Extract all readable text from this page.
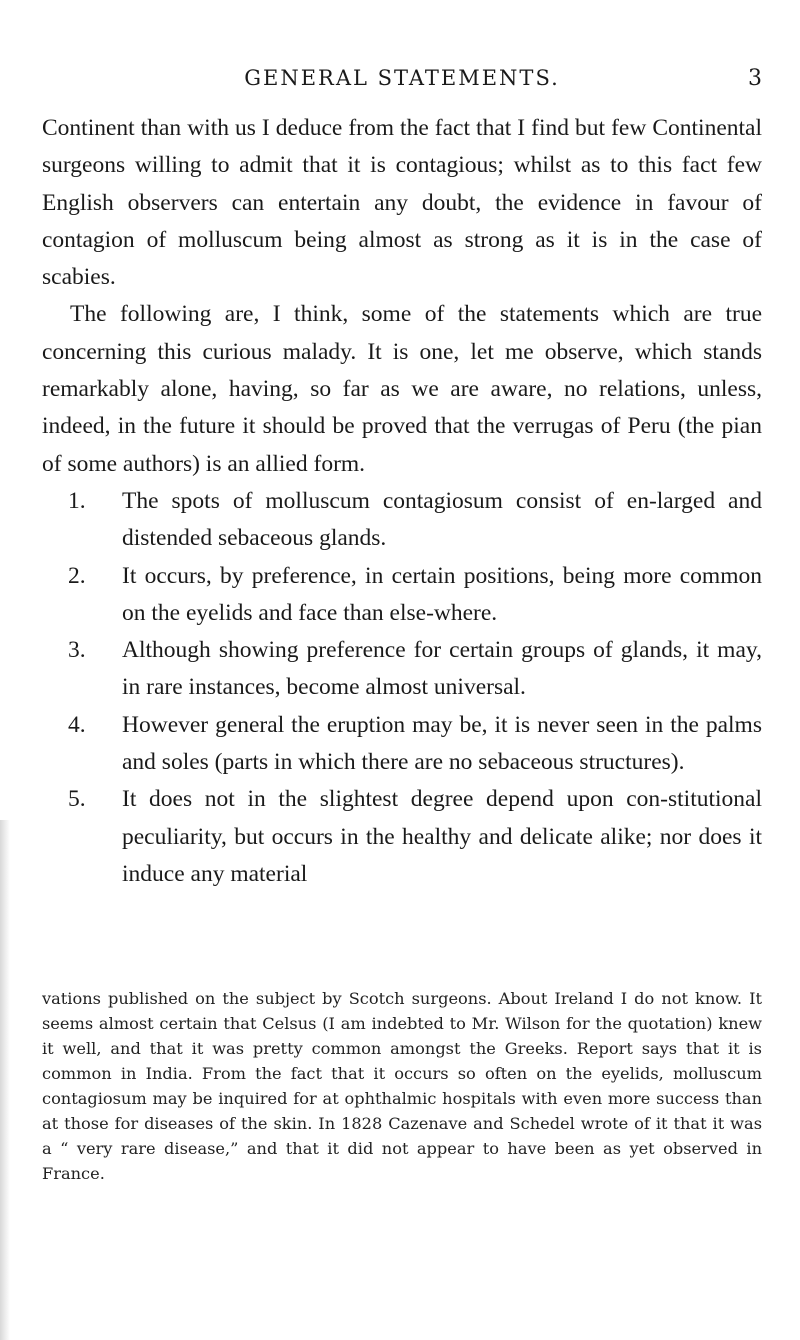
GENERAL STATEMENTS.	3

Continent than with us I deduce from the fact that I find but few Continental surgeons willing to admit that it is contagious; whilst as to this fact few English observers can entertain any doubt, the evidence in favour of contagion of molluscum being almost as strong as it is in the case of scabies.

The following are, I think, some of the statements which are true concerning this curious malady. It is one, let me observe, which stands remarkably alone, having, so far as we are aware, no relations, unless, indeed, in the future it should be proved that the verrugas of Peru (the pian of some authors) is an allied form.

1.	The spots of molluscum contagiosum consist of en-larged and distended sebaceous glands.
2.	It occurs, by preference, in certain positions, being more common on the eyelids and face than else-where.
3.	Although showing preference for certain groups of glands, it may, in rare instances, become almost universal.
4.	However general the eruption may be, it is never seen in the palms and soles (parts in which there are no sebaceous structures).
5.	It does not in the slightest degree depend upon con-stitutional peculiarity, but occurs in the healthy and delicate alike; nor does it induce any material
vations published on the subject by Scotch surgeons. About Ireland I do not know. It seems almost certain that Celsus (I am indebted to Mr. Wilson for the quotation) knew it well, and that it was pretty common amongst the Greeks. Report says that it is common in India. From the fact that it occurs so often on the eyelids, molluscum contagiosum may be inquired for at ophthalmic hospitals with even more success than at those for diseases of the skin. In 1828 Cazenave and Schedel wrote of it that it was a “ very rare disease,” and that it did not appear to have been as yet observed in France.
